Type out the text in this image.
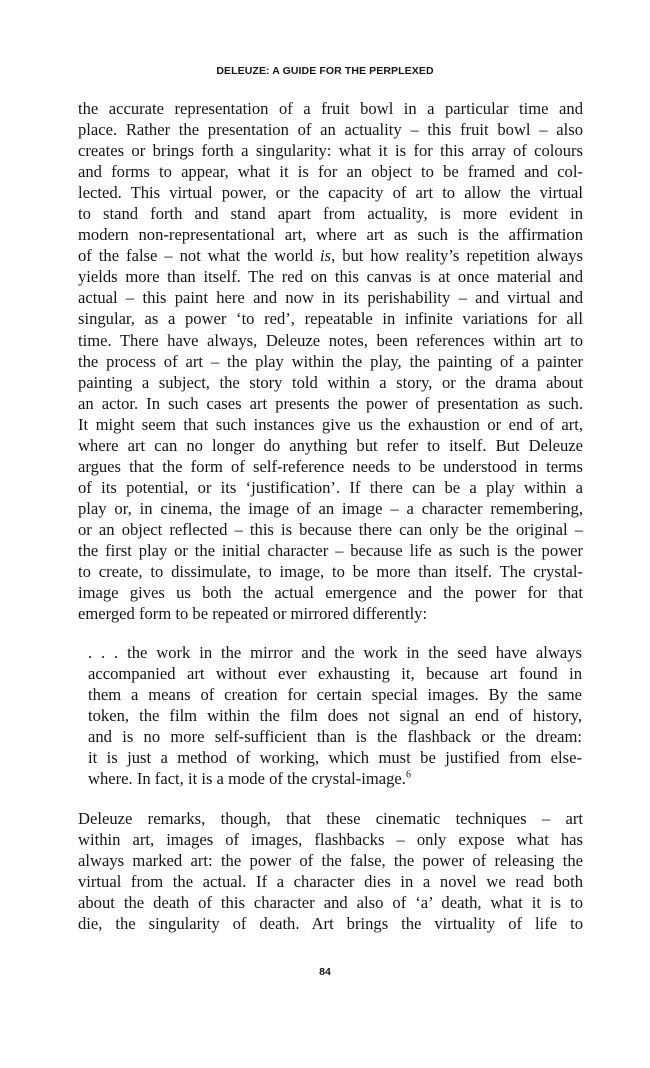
DELEUZE: A GUIDE FOR THE PERPLEXED
the accurate representation of a fruit bowl in a particular time and
place. Rather the presentation of an actuality – this fruit bowl – also
creates or brings forth a singularity: what it is for this array of colours
and forms to appear, what it is for an object to be framed and col-
lected. This virtual power, or the capacity of art to allow the virtual
to stand forth and stand apart from actuality, is more evident in
modern non-representational art, where art as such is the affirmation
of the false – not what the world is, but how reality’s repetition always
yields more than itself. The red on this canvas is at once material and
actual – this paint here and now in its perishability – and virtual and
singular, as a power ‘to red’, repeatable in infinite variations for all
time. There have always, Deleuze notes, been references within art to
the process of art – the play within the play, the painting of a painter
painting a subject, the story told within a story, or the drama about
an actor. In such cases art presents the power of presentation as such.
It might seem that such instances give us the exhaustion or end of art,
where art can no longer do anything but refer to itself. But Deleuze
argues that the form of self-reference needs to be understood in terms
of its potential, or its ‘justification’. If there can be a play within a
play or, in cinema, the image of an image – a character remembering,
or an object reflected – this is because there can only be the original –
the first play or the initial character – because life as such is the power
to create, to dissimulate, to image, to be more than itself. The crystal-
image gives us both the actual emergence and the power for that
emerged form to be repeated or mirrored differently:
. . . the work in the mirror and the work in the seed have always
accompanied art without ever exhausting it, because art found in
them a means of creation for certain special images. By the same
token, the film within the film does not signal an end of history,
and is no more self-sufficient than is the flashback or the dream:
it is just a method of working, which must be justified from else-
where. In fact, it is a mode of the crystal-image.$^6$
Deleuze remarks, though, that these cinematic techniques – art
within art, images of images, flashbacks – only expose what has
always marked art: the power of the false, the power of releasing the
virtual from the actual. If a character dies in a novel we read both
about the death of this character and also of ‘a’ death, what it is to
die, the singularity of death. Art brings the virtuality of life to
84
